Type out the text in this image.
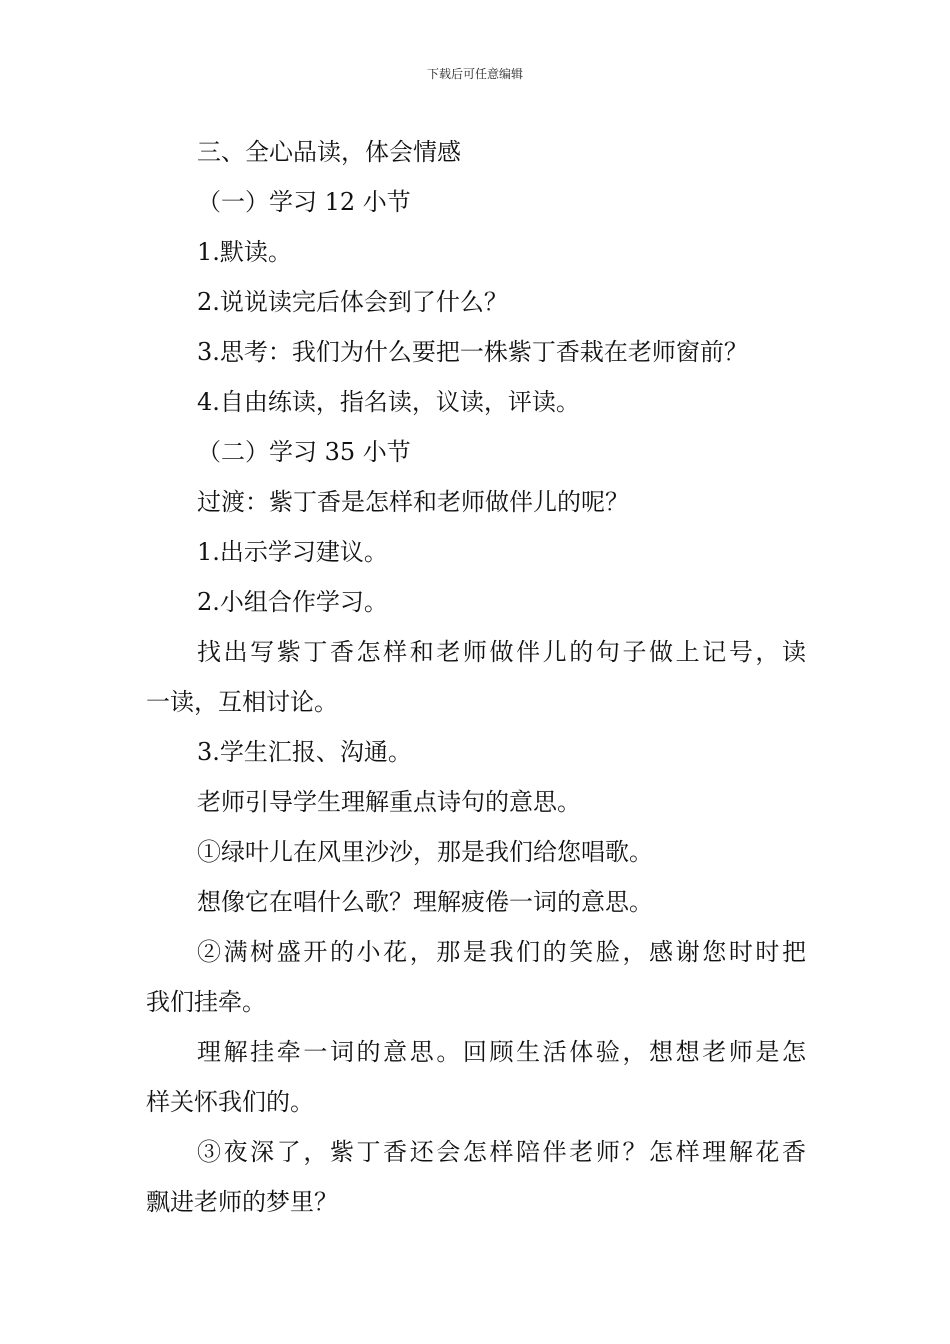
下载后可任意编辑
三、全心品读，体会情感
（一）学习 12 小节
1.默读。
2.说说读完后体会到了什么？
3.思考：我们为什么要把一株紫丁香栽在老师窗前？
4.自由练读，指名读，议读，评读。
（二）学习 35 小节
过渡：紫丁香是怎样和老师做伴儿的呢？
1.出示学习建议。
2.小组合作学习。
找出写紫丁香怎样和老师做伴儿的句子做上记号，读
一读，互相讨论。
3.学生汇报、沟通。
老师引导学生理解重点诗句的意思。
①绿叶儿在风里沙沙，那是我们给您唱歌。
想像它在唱什么歌？理解疲倦一词的意思。
②满树盛开的小花，那是我们的笑脸，感谢您时时把
我们挂牵。
理解挂牵一词的意思。回顾生活体验，想想老师是怎
样关怀我们的。
③夜深了，紫丁香还会怎样陪伴老师？怎样理解花香
飘进老师的梦里？
